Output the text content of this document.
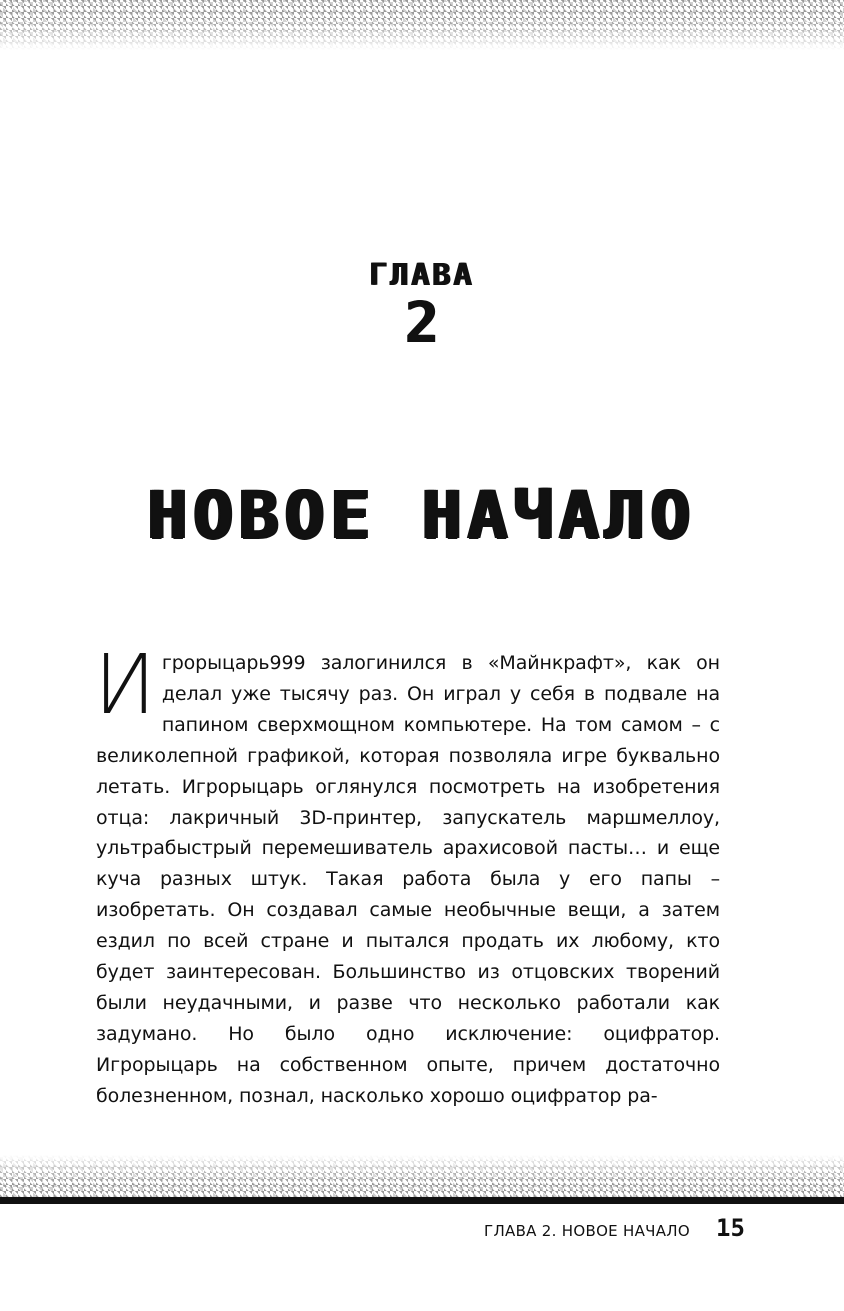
ГЛАВА
2
НОВОЕ НАЧАЛО
И грорыцарь999 залогинился в «Майнкрафт», как он делал уже тысячу раз. Он играл у себя в подвале на папином сверхмощном компьютере. На том самом – с великолепной графикой, которая позволяла игре буквально летать. Игрорыцарь оглянулся посмотреть на изобретения отца: лакричный 3D-принтер, запускатель маршмеллоу, ультрабыстрый перемешиватель арахисовой пасты… и еще куча разных штук. Такая работа была у его папы – изобретать. Он создавал самые необычные вещи, а затем ездил по всей стране и пытался продать их любому, кто будет заинтересован. Большинство из отцовских творений были неудачными, и разве что несколько работали как задумано. Но было одно исключение: оцифратор. Игрорыцарь на собственном опыте, причем достаточно болезненном, познал, насколько хорошо оцифратор ра-
ГЛАВА 2. НОВОЕ НАЧАЛО 15
